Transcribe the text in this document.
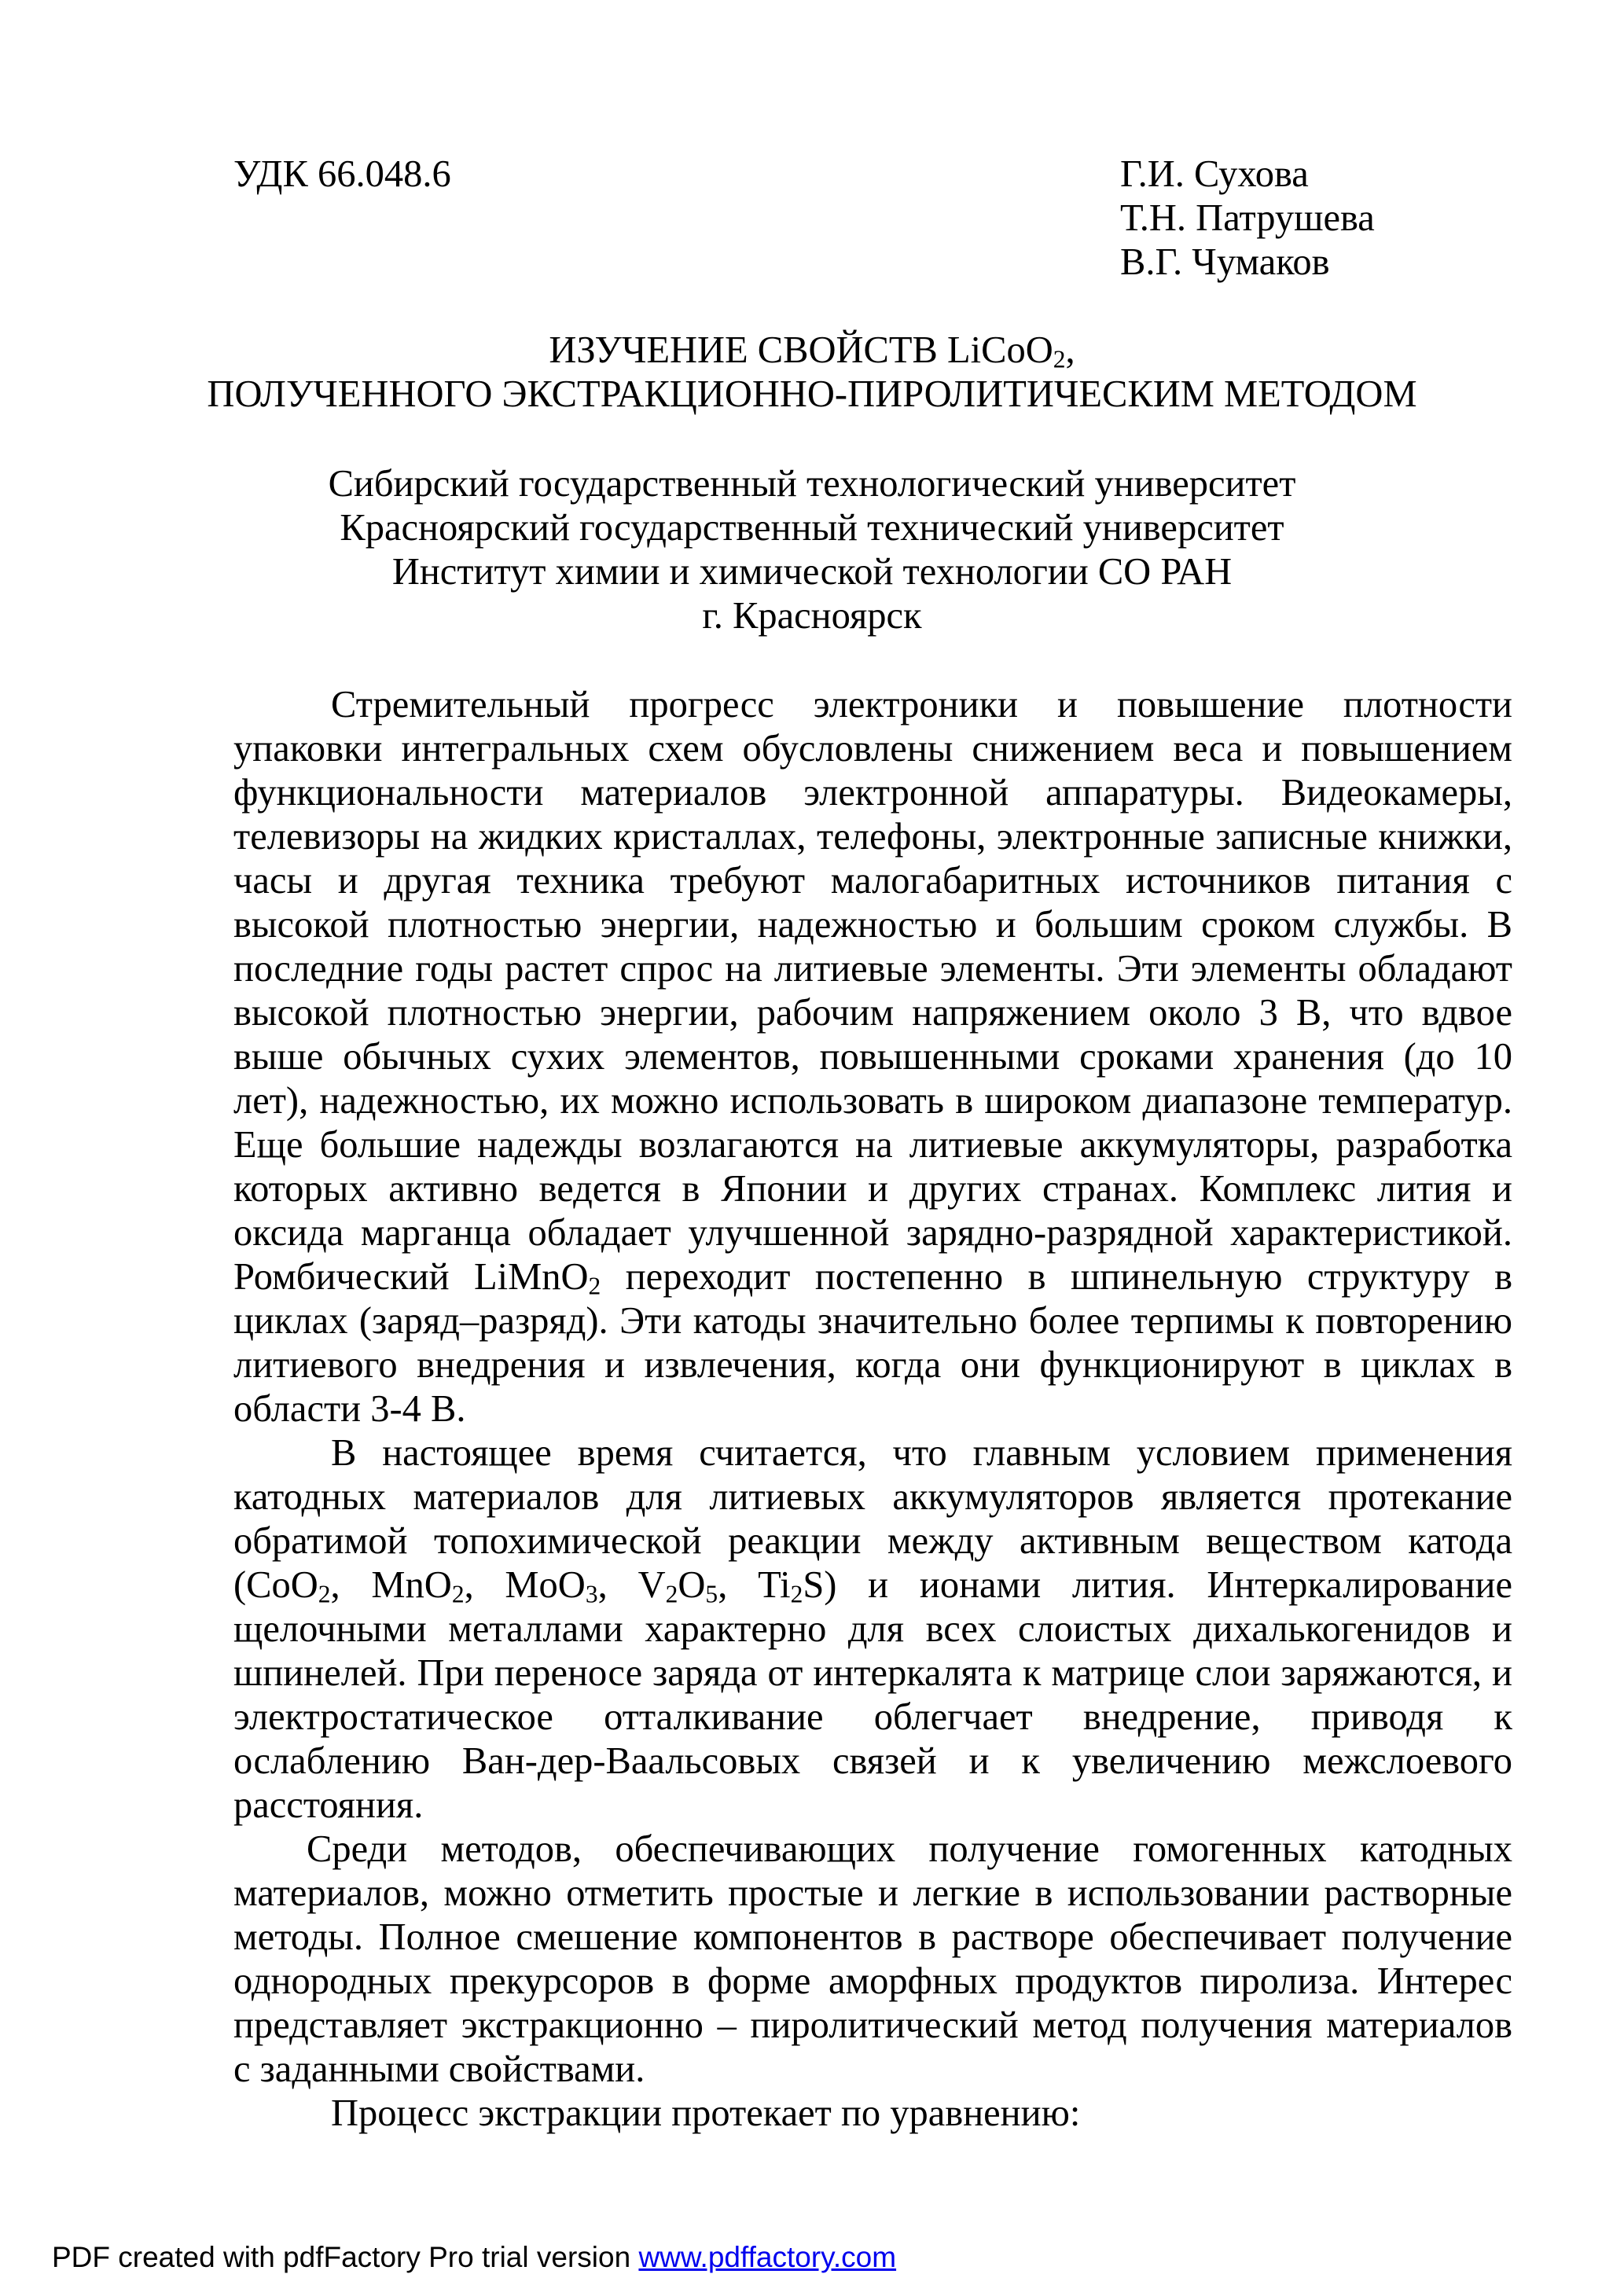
УДК 66.048.6	Г.И. Сухова
Т.Н. Патрушева
В.Г. Чумаков
ИЗУЧЕНИЕ СВОЙСТВ LiCoO$_2$,
ПОЛУЧЕННОГО ЭКСТРАКЦИОННО-ПИРОЛИТИЧЕСКИМ МЕТОДОМ
Сибирский государственный технологический университет
Красноярский государственный технический университет
Институт химии и химической технологии СО РАН
г. Красноярск

Стремительный прогресс электроники и повышение плотности упаковки интегральных схем обусловлены снижением веса и повышением функциональности материалов электронной аппаратуры. Видеокамеры, телевизоры на жидких кристаллах, телефоны, электронные записные книжки, часы и другая техника требуют малогабаритных источников питания с высокой плотностью энергии, надежностью и большим сроком службы. В последние годы растет спрос на литиевые элементы. Эти элементы обладают высокой плотностью энергии, рабочим напряжением около 3 В, что вдвое выше обычных сухих элементов, повышенными сроками хранения (до 10 лет), надежностью, их можно использовать в широком диапазоне температур. Еще большие надежды возлагаются на литиевые аккумуляторы, разработка которых активно ведется в Японии и других странах. Комплекс лития и оксида марганца обладает улучшенной зарядно-разрядной характеристикой. Ромбический LiMnO$_2$ переходит постепенно в шпинельную структуру в циклах (заряд–разряд). Эти катоды значительно более терпимы к повторению литиевого внедрения и извлечения, когда они функционируют в циклах в области 3-4 В.

В настоящее время считается, что главным условием применения катодных материалов для литиевых аккумуляторов является протекание обратимой топохимической реакции между активным веществом катода (CoO$_2$, MnO$_2$, MoO$_3$, $V_2O_5$, $Ti_2S$) и ионами лития. Интеркалирование щелочными металлами характерно для всех слоистых дихалькогенидов и шпинелей. При переносе заряда от интеркалята к матрице слои заряжаются, и электростатическое отталкивание облегчает внедрение, приводя к ослаблению Ван-дер-Ваальсовых связей и к увеличению межслоевого расстояния.

Среди методов, обеспечивающих получение гомогенных катодных материалов, можно отметить простые и легкие в использовании растворные методы. Полное смешение компонентов в растворе обеспечивает получение однородных прекурсоров в форме аморфных продуктов пиролиза. Интерес представляет экстракционно – пиролитический метод получения материалов с заданными свойствами.

Процесс экстракции протекает по уравнению:

PDF created with pdfFactory Pro trial version www.pdffactory.com
